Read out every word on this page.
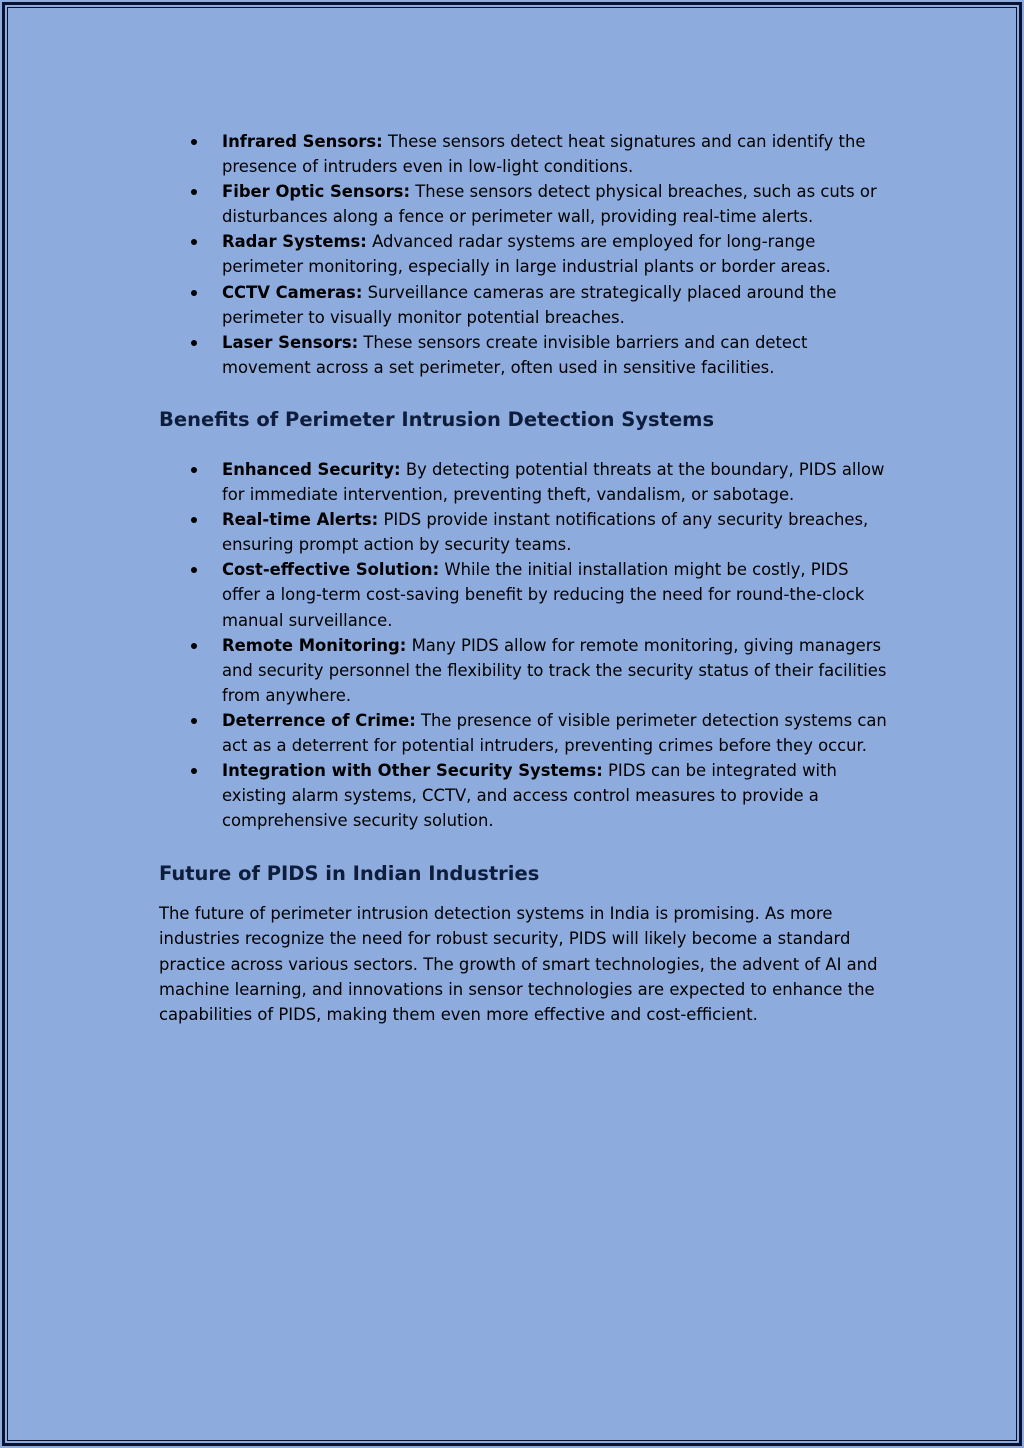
Infrared Sensors: These sensors detect heat signatures and can identify the presence of intruders even in low-light conditions.
Fiber Optic Sensors: These sensors detect physical breaches, such as cuts or disturbances along a fence or perimeter wall, providing real-time alerts.
Radar Systems: Advanced radar systems are employed for long-range perimeter monitoring, especially in large industrial plants or border areas.
CCTV Cameras: Surveillance cameras are strategically placed around the perimeter to visually monitor potential breaches.
Laser Sensors: These sensors create invisible barriers and can detect movement across a set perimeter, often used in sensitive facilities.
Benefits of Perimeter Intrusion Detection Systems
Enhanced Security: By detecting potential threats at the boundary, PIDS allow for immediate intervention, preventing theft, vandalism, or sabotage.
Real-time Alerts: PIDS provide instant notifications of any security breaches, ensuring prompt action by security teams.
Cost-effective Solution: While the initial installation might be costly, PIDS offer a long-term cost-saving benefit by reducing the need for round-the-clock manual surveillance.
Remote Monitoring: Many PIDS allow for remote monitoring, giving managers and security personnel the flexibility to track the security status of their facilities from anywhere.
Deterrence of Crime: The presence of visible perimeter detection systems can act as a deterrent for potential intruders, preventing crimes before they occur.
Integration with Other Security Systems: PIDS can be integrated with existing alarm systems, CCTV, and access control measures to provide a comprehensive security solution.
Future of PIDS in Indian Industries

The future of perimeter intrusion detection systems in India is promising. As more industries recognize the need for robust security, PIDS will likely become a standard practice across various sectors. The growth of smart technologies, the advent of AI and machine learning, and innovations in sensor technologies are expected to enhance the capabilities of PIDS, making them even more effective and cost-efficient.
